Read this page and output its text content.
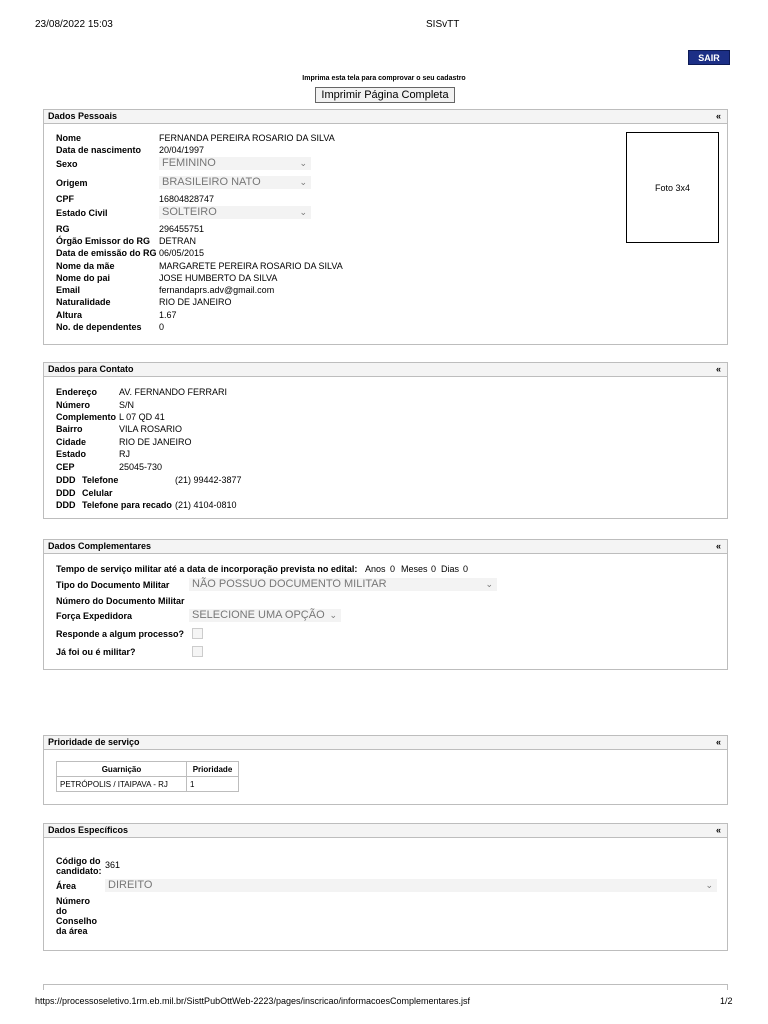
23/08/2022 15:03	SISvTT
SAIR
Imprima esta tela para comprovar o seu cadastro
Imprimir Página Completa
Dados Pessoais	«
Nome	FERNANDA PEREIRA ROSARIO DA SILVA
Data de nascimento 20/04/1997
Sexo	FEMININO	⌄
Origem	BRASILEIRO NATO	⌄
CPF	16804828747
Estado Civil	SOLTEIRO	⌄
RG	296455751
Órgão Emissor do RG DETRAN
Data de emissão do RG 06/05/2015
Nome da mãe	MARGARETE PEREIRA ROSARIO DA SILVA
Nome do pai	JOSE HUMBERTO DA SILVA
Email	fernandaprs.adv@gmail.com
Naturalidade	RIO DE JANEIRO
Altura	1.67
No. de dependentes 0
Foto 3x4
Dados para Contato	«
Endereço AV. FERNANDO FERRARI
Número	S/N
Complemento L 07 QD 41
Bairro	VILA ROSARIO
Cidade	RIO DE JANEIRO
Estado	RJ
CEP	25045-730
DDD Telefone	(21) 99442-3877
DDD Celular
DDD Telefone para recado (21) 4104-0810
Dados Complementares	«
Tempo de serviço militar até a data de incorporação prevista no edital: Anos 0 Meses 0 Dias 0
Tipo do Documento Militar NÃO POSSUO DOCUMENTO MILITAR	⌄
Número do Documento Militar
Força Expedidora	SELECIONE UMA OPÇÃO ⌄
Responde a algum processo?
Já foi ou é militar?
Prioridade de serviço	«
Guarnição	Prioridade
PETRÓPOLIS / ITAIPAVA - RJ	1
Dados Específicos	«
Código do
candidato:
361
Área	DIREITO	⌄
Número
do
Conselho
da área
https://processoseletivo.1rm.eb.mil.br/SisttPubOttWeb-2223/pages/inscricao/informacoesComplementares.jsf	1/2
